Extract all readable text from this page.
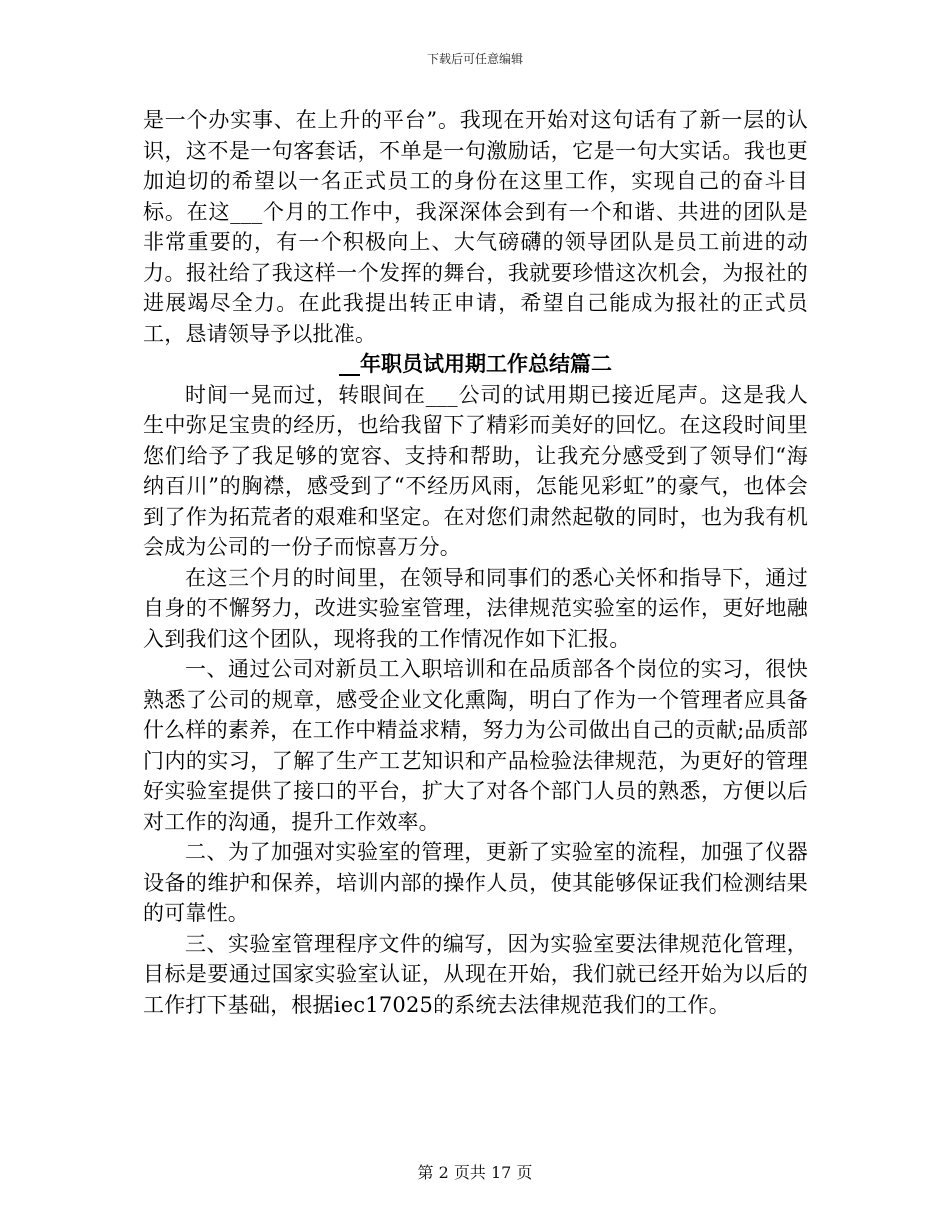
下载后可任意编辑

是一个办实事、在上升的平台”。我现在开始对这句话有了新一层的认识，这不是一句客套话，不单是一句激励话，它是一句大实话。我也更加迫切的希望以一名正式员工的身份在这里工作，实现自己的奋斗目标。在这___个月的工作中，我深深体会到有一个和谐、共进的团队是非常重要的，有一个积极向上、大气磅礴的领导团队是员工前进的动力。报社给了我这样一个发挥的舞台，我就要珍惜这次机会，为报社的进展竭尽全力。在此我提出转正申请，希望自己能成为报社的正式员工，恳请领导予以批准。

__年职员试用期工作总结篇二

时间一晃而过，转眼间在___公司的试用期已接近尾声。这是我人生中弥足宝贵的经历，也给我留下了精彩而美好的回忆。在这段时间里您们给予了我足够的宽容、支持和帮助，让我充分感受到了领导们“海纳百川”的胸襟，感受到了“不经历风雨，怎能见彩虹”的豪气，也体会到了作为拓荒者的艰难和坚定。在对您们肃然起敬的同时，也为我有机会成为公司的一份子而惊喜万分。

在这三个月的时间里，在领导和同事们的悉心关怀和指导下，通过自身的不懈努力，改进实验室管理，法律规范实验室的运作，更好地融入到我们这个团队，现将我的工作情况作如下汇报。

一、通过公司对新员工入职培训和在品质部各个岗位的实习，很快熟悉了公司的规章，感受企业文化熏陶，明白了作为一个管理者应具备什么样的素养，在工作中精益求精，努力为公司做出自己的贡献;品质部门内的实习，了解了生产工艺知识和产品检验法律规范，为更好的管理好实验室提供了接口的平台，扩大了对各个部门人员的熟悉，方便以后对工作的沟通，提升工作效率。

二、为了加强对实验室的管理，更新了实验室的流程，加强了仪器设备的维护和保养，培训内部的操作人员，使其能够保证我们检测结果的可靠性。

三、实验室管理程序文件的编写，因为实验室要法律规范化管理，目标是要通过国家实验室认证，从现在开始，我们就已经开始为以后的工作打下基础，根据iec17025的系统去法律规范我们的工作。

第 2 页共 17 页
